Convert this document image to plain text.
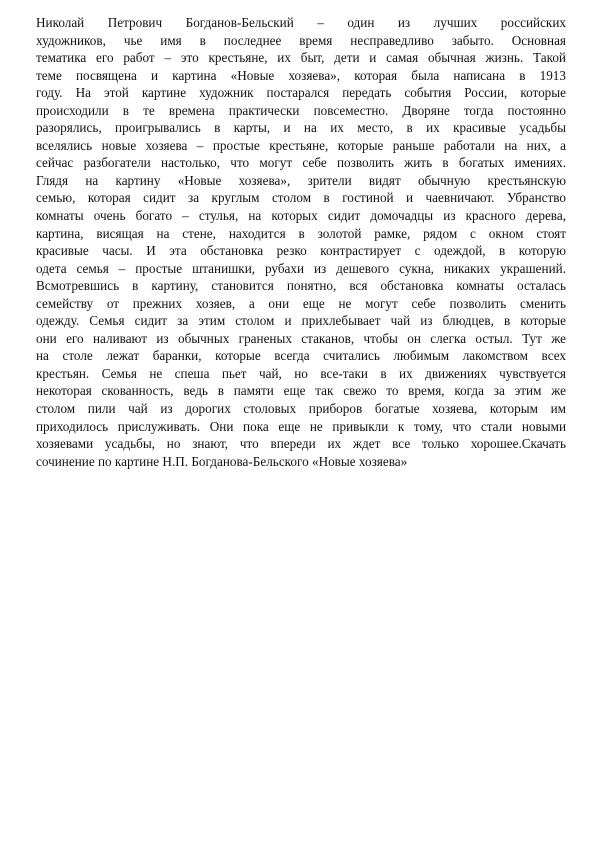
Николай Петрович Богданов-Бельский – один из лучших российских
художников, чье имя в последнее время несправедливо забыто. Основная
тематика его работ – это крестьяне, их быт, дети и самая обычная жизнь. Такой
теме посвящена и картина «Новые хозяева», которая была написана в 1913
году. На этой картине художник постарался передать события России, которые
происходили в те времена практически повсеместно. Дворяне тогда постоянно
разорялись, проигрывались в карты, и на их место, в их красивые усадьбы
вселялись новые хозяева – простые крестьяне, которые раньше работали на них, а
сейчас разбогатели настолько, что могут себе позволить жить в богатых имениях.
Глядя на картину «Новые хозяева», зрители видят обычную крестьянскую
семью, которая сидит за круглым столом в гостиной и чаевничают. Убранство
комнаты очень богато – стулья, на которых сидит домочадцы из красного дерева,
картина, висящая на стене, находится в золотой рамке, рядом с окном стоят
красивые часы. И эта обстановка резко контрастирует с одеждой, в которую
одета семья – простые штанишки, рубахи из дешевого сукна, никаких украшений.
Всмотревшись в картину, становится понятно, вся обстановка комнаты осталась
семейству от прежних хозяев, а они еще не могут себе позволить сменить
одежду. Семья сидит за этим столом и прихлебывает чай из блюдцев, в которые
они его наливают из обычных граненых стаканов, чтобы он слегка остыл. Тут же
на столе лежат баранки, которые всегда считались любимым лакомством всех
крестьян. Семья не спеша пьет чай, но все-таки в их движениях чувствуется
некоторая скованность, ведь в памяти еще так свежо то время, когда за этим же
столом пили чай из дорогих столовых приборов богатые хозяева, которым им
приходилось прислуживать. Они пока еще не привыкли к тому, что стали новыми
хозяевами усадьбы, но знают, что впереди их ждет все только хорошее.Скачать
сочинение по картине Н.П. Богданова-Бельского «Новые хозяева»
